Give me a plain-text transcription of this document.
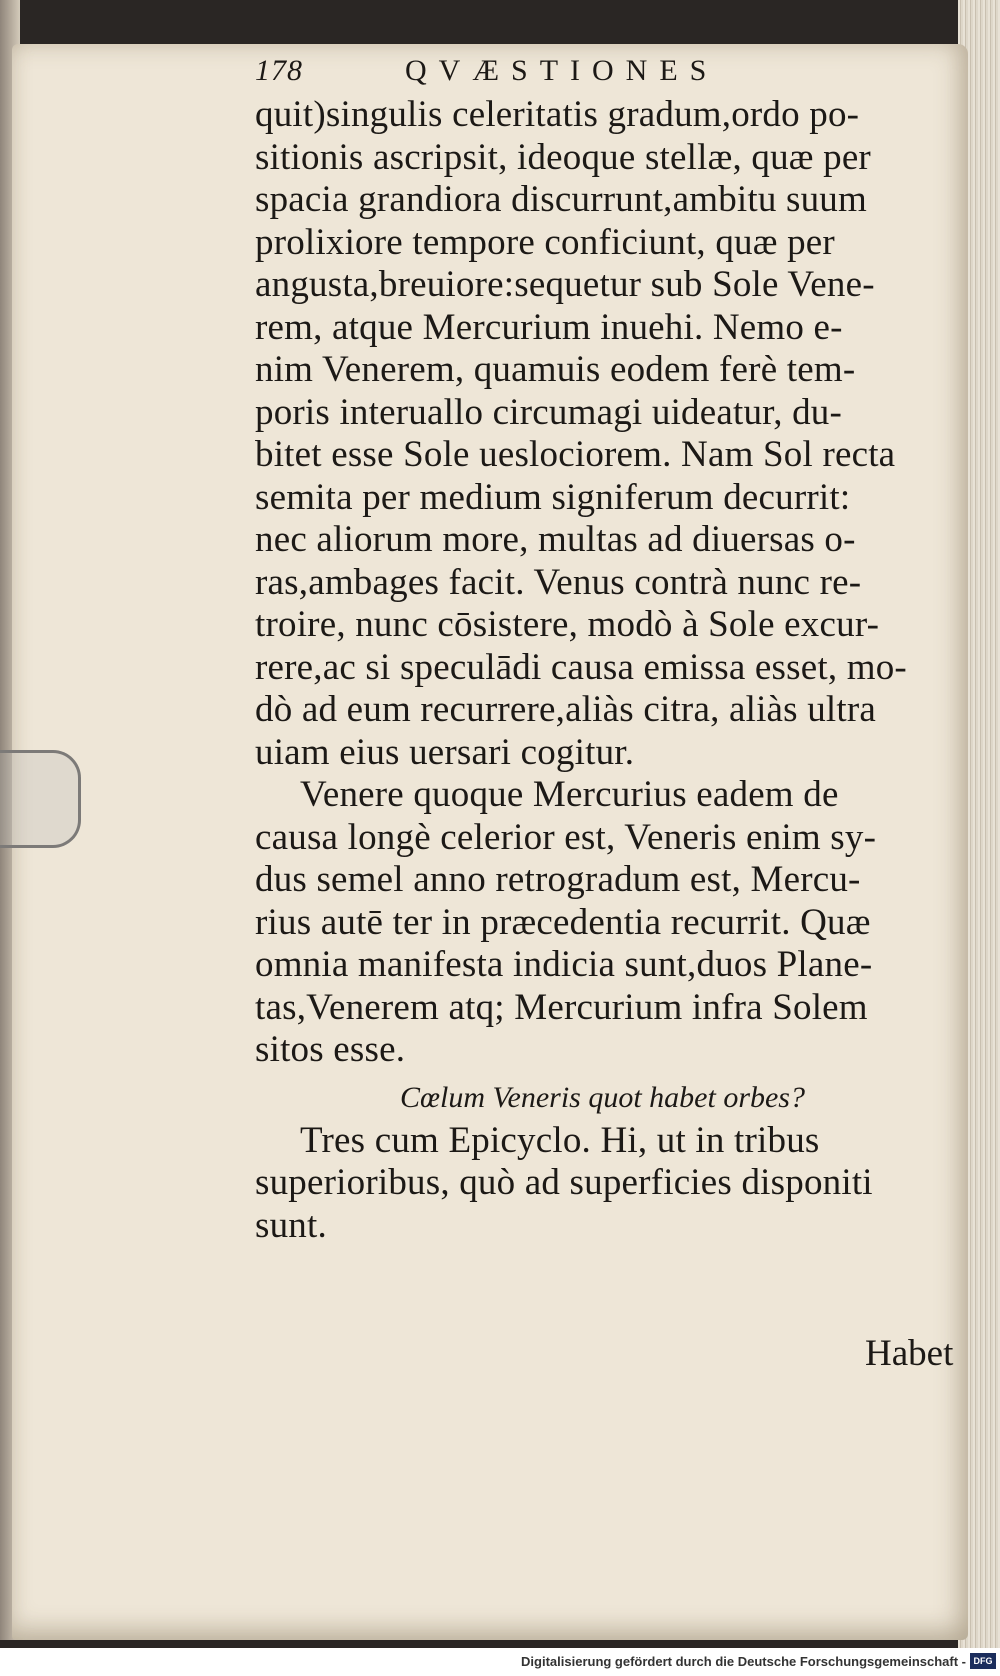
178	QVÆSTIONES
quit)singulis celeritatis gradum,ordo po-
sitionis ascripsit, ideoque stellæ, quæ per
spacia grandiora discurrunt,ambitu suum
prolixiore tempore conficiunt, quæ per
angusta,breuiore:sequetur sub Sole Vene-
rem, atque Mercurium inuehi. Nemo e-
nim Venerem, quamuis eodem ferè tem-
poris interuallo circumagi uideatur, du-
bitet esse Sole ueslociorem. Nam Sol recta
semita per medium signiferum decurrit:
nec aliorum more, multas ad diuersas o-
ras,ambages facit. Venus contrà nunc re-
troire, nunc cōsistere, modò à Sole excur-
rere,ac si speculādi causa emissa esset, mo-
dò ad eum recurrere,aliàs citra, aliàs ultra
uiam eius uersari cogitur.
Venere quoque Mercurius eadem de
causa longè celerior est, Veneris enim sy-
dus semel anno retrogradum est, Mercu-
rius autē ter in præcedentia recurrit. Quæ
omnia manifesta indicia sunt,duos Plane-
tas,Venerem atq; Mercurium infra Solem
sitos esse.
Cœlum Veneris quot habet orbes?
Tres cum Epicyclo. Hi, ut in tribus
superioribus, quò ad superficies disponiti
sunt.
Habet
Digitalisierung gefördert durch die Deutsche Forschungsgemeinschaft - DFG
